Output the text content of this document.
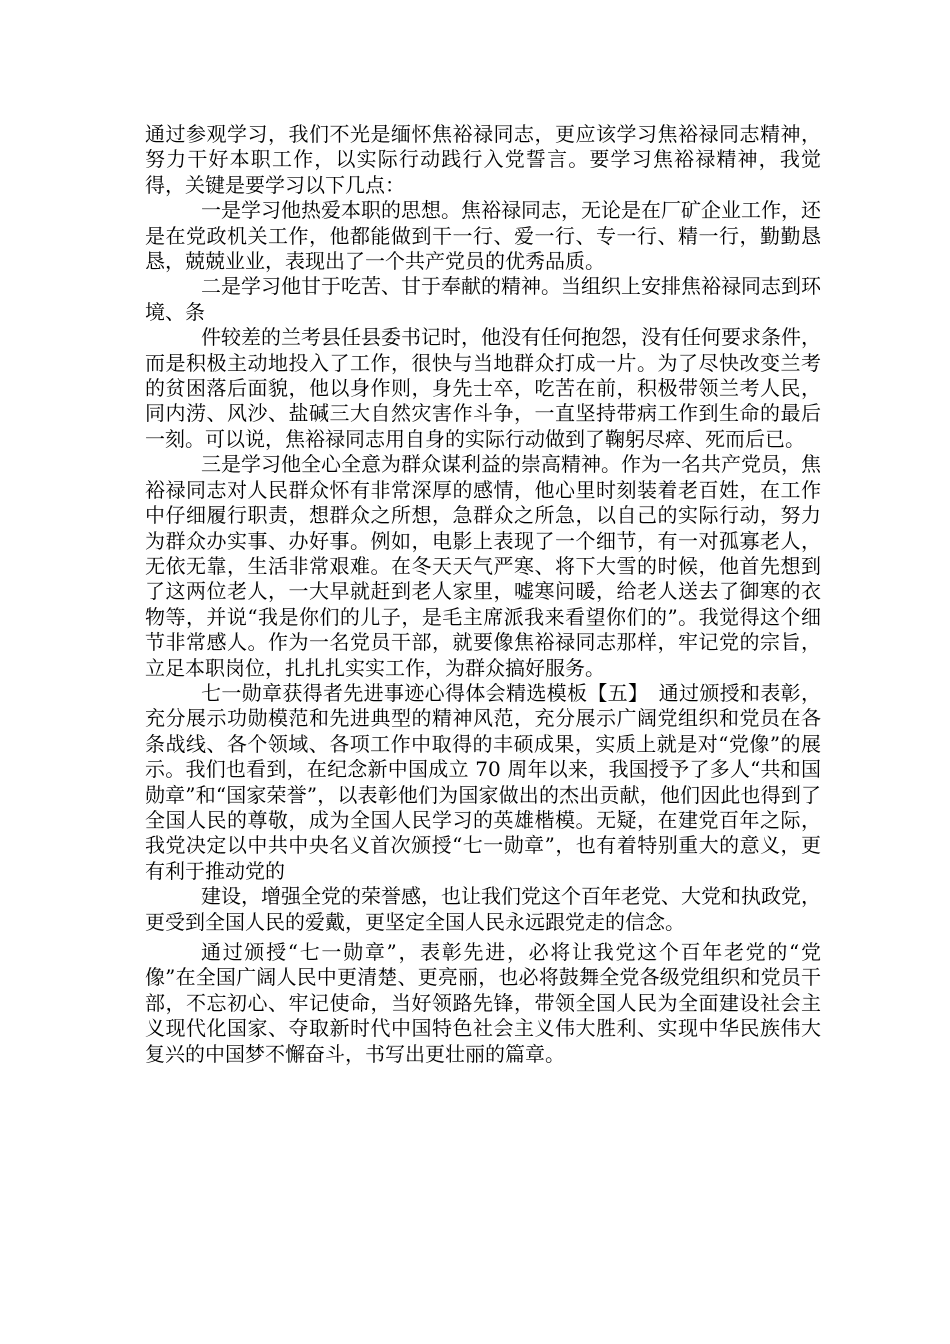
通过参观学习，我们不光是缅怀焦裕禄同志，更应该学习焦裕禄同志精神，努力干好本职工作，以实际行动践行入党誓言。要学习焦裕禄精神，我觉得，关键是要学习以下几点：

一是学习他热爱本职的思想。焦裕禄同志，无论是在厂矿企业工作，还是在党政机关工作，他都能做到干一行、爱一行、专一行、精一行，勤勤恳恳，兢兢业业，表现出了一个共产党员的优秀品质。

二是学习他甘于吃苦、甘于奉献的精神。当组织上安排焦裕禄同志到环境、条

件较差的兰考县任县委书记时，他没有任何抱怨，没有任何要求条件，而是积极主动地投入了工作，很快与当地群众打成一片。为了尽快改变兰考的贫困落后面貌，他以身作则，身先士卒，吃苦在前，积极带领兰考人民，同内涝、风沙、盐碱三大自然灾害作斗争，一直坚持带病工作到生命的最后一刻。可以说，焦裕禄同志用自身的实际行动做到了鞠躬尽瘁、死而后已。

三是学习他全心全意为群众谋利益的崇高精神。作为一名共产党员，焦裕禄同志对人民群众怀有非常深厚的感情，他心里时刻装着老百姓，在工作中仔细履行职责，想群众之所想，急群众之所急，以自己的实际行动，努力为群众办实事、办好事。例如，电影上表现了一个细节，有一对孤寡老人，无依无靠，生活非常艰难。在冬天天气严寒、将下大雪的时候，他首先想到了这两位老人，一大早就赶到老人家里，嘘寒问暖，给老人送去了御寒的衣物等，并说“我是你们的儿子，是毛主席派我来看望你们的”。我觉得这个细节非常感人。作为一名党员干部，就要像焦裕禄同志那样，牢记党的宗旨，立足本职岗位，扎扎扎实实工作，为群众搞好服务。

七一勋章获得者先进事迹心得体会精选模板【五】　通过颁授和表彰，充分展示功勋模范和先进典型的精神风范，充分展示广阔党组织和党员在各条战线、各个领域、各项工作中取得的丰硕成果，实质上就是对“党像”的展示。我们也看到，在纪念新中国成立 70 周年以来，我国授予了多人“共和国勋章”和“国家荣誉”，以表彰他们为国家做出的杰出贡献，他们因此也得到了全国人民的尊敬，成为全国人民学习的英雄楷模。无疑，在建党百年之际，我党决定以中共中央名义首次颁授“七一勋章”，也有着特别重大的意义，更有利于推动党的

建设，增强全党的荣誉感，也让我们党这个百年老党、大党和执政党，更受到全国人民的爱戴，更坚定全国人民永远跟党走的信念。

通过颁授“七一勋章”，表彰先进，必将让我党这个百年老党的“党像”在全国广阔人民中更清楚、更亮丽，也必将鼓舞全党各级党组织和党员干部，不忘初心、牢记使命，当好领路先锋，带领全国人民为全面建设社会主义现代化国家、夺取新时代中国特色社会主义伟大胜利、实现中华民族伟大复兴的中国梦不懈奋斗，书写出更壮丽的篇章。
